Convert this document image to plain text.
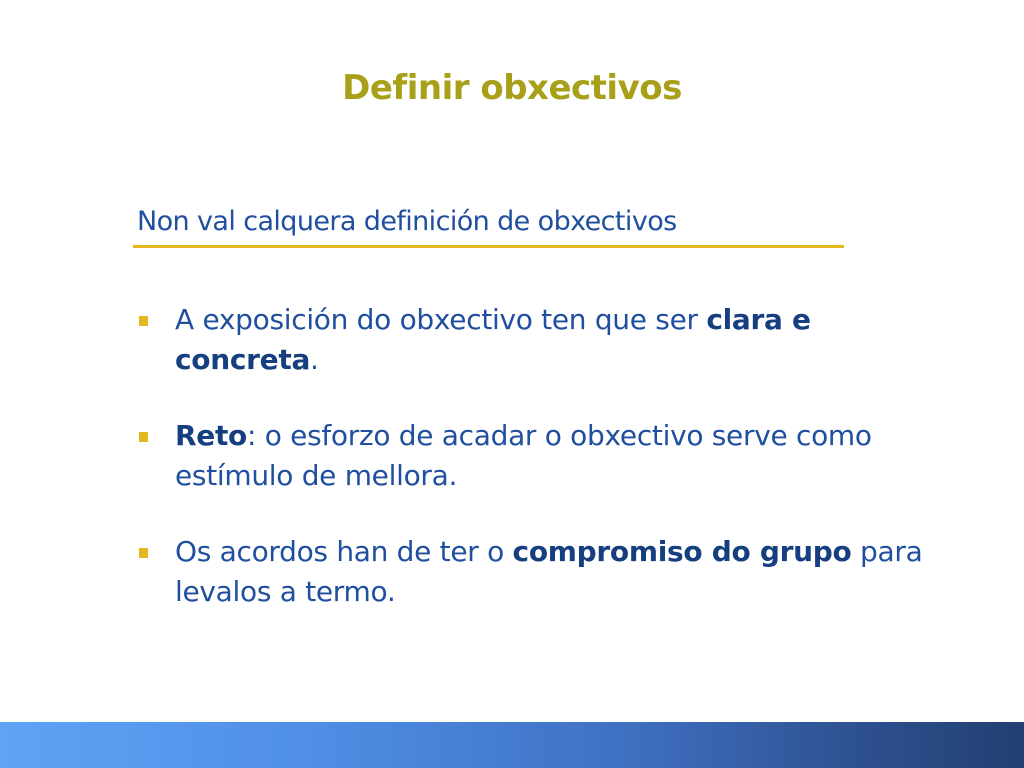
Definir obxectivos
Non val calquera definición de obxectivos
A exposición do obxectivo ten que ser clara e concreta.
Reto: o esforzo de acadar o obxectivo serve como estímulo de mellora.
Os acordos han de ter o compromiso do grupo para levalos a termo.
